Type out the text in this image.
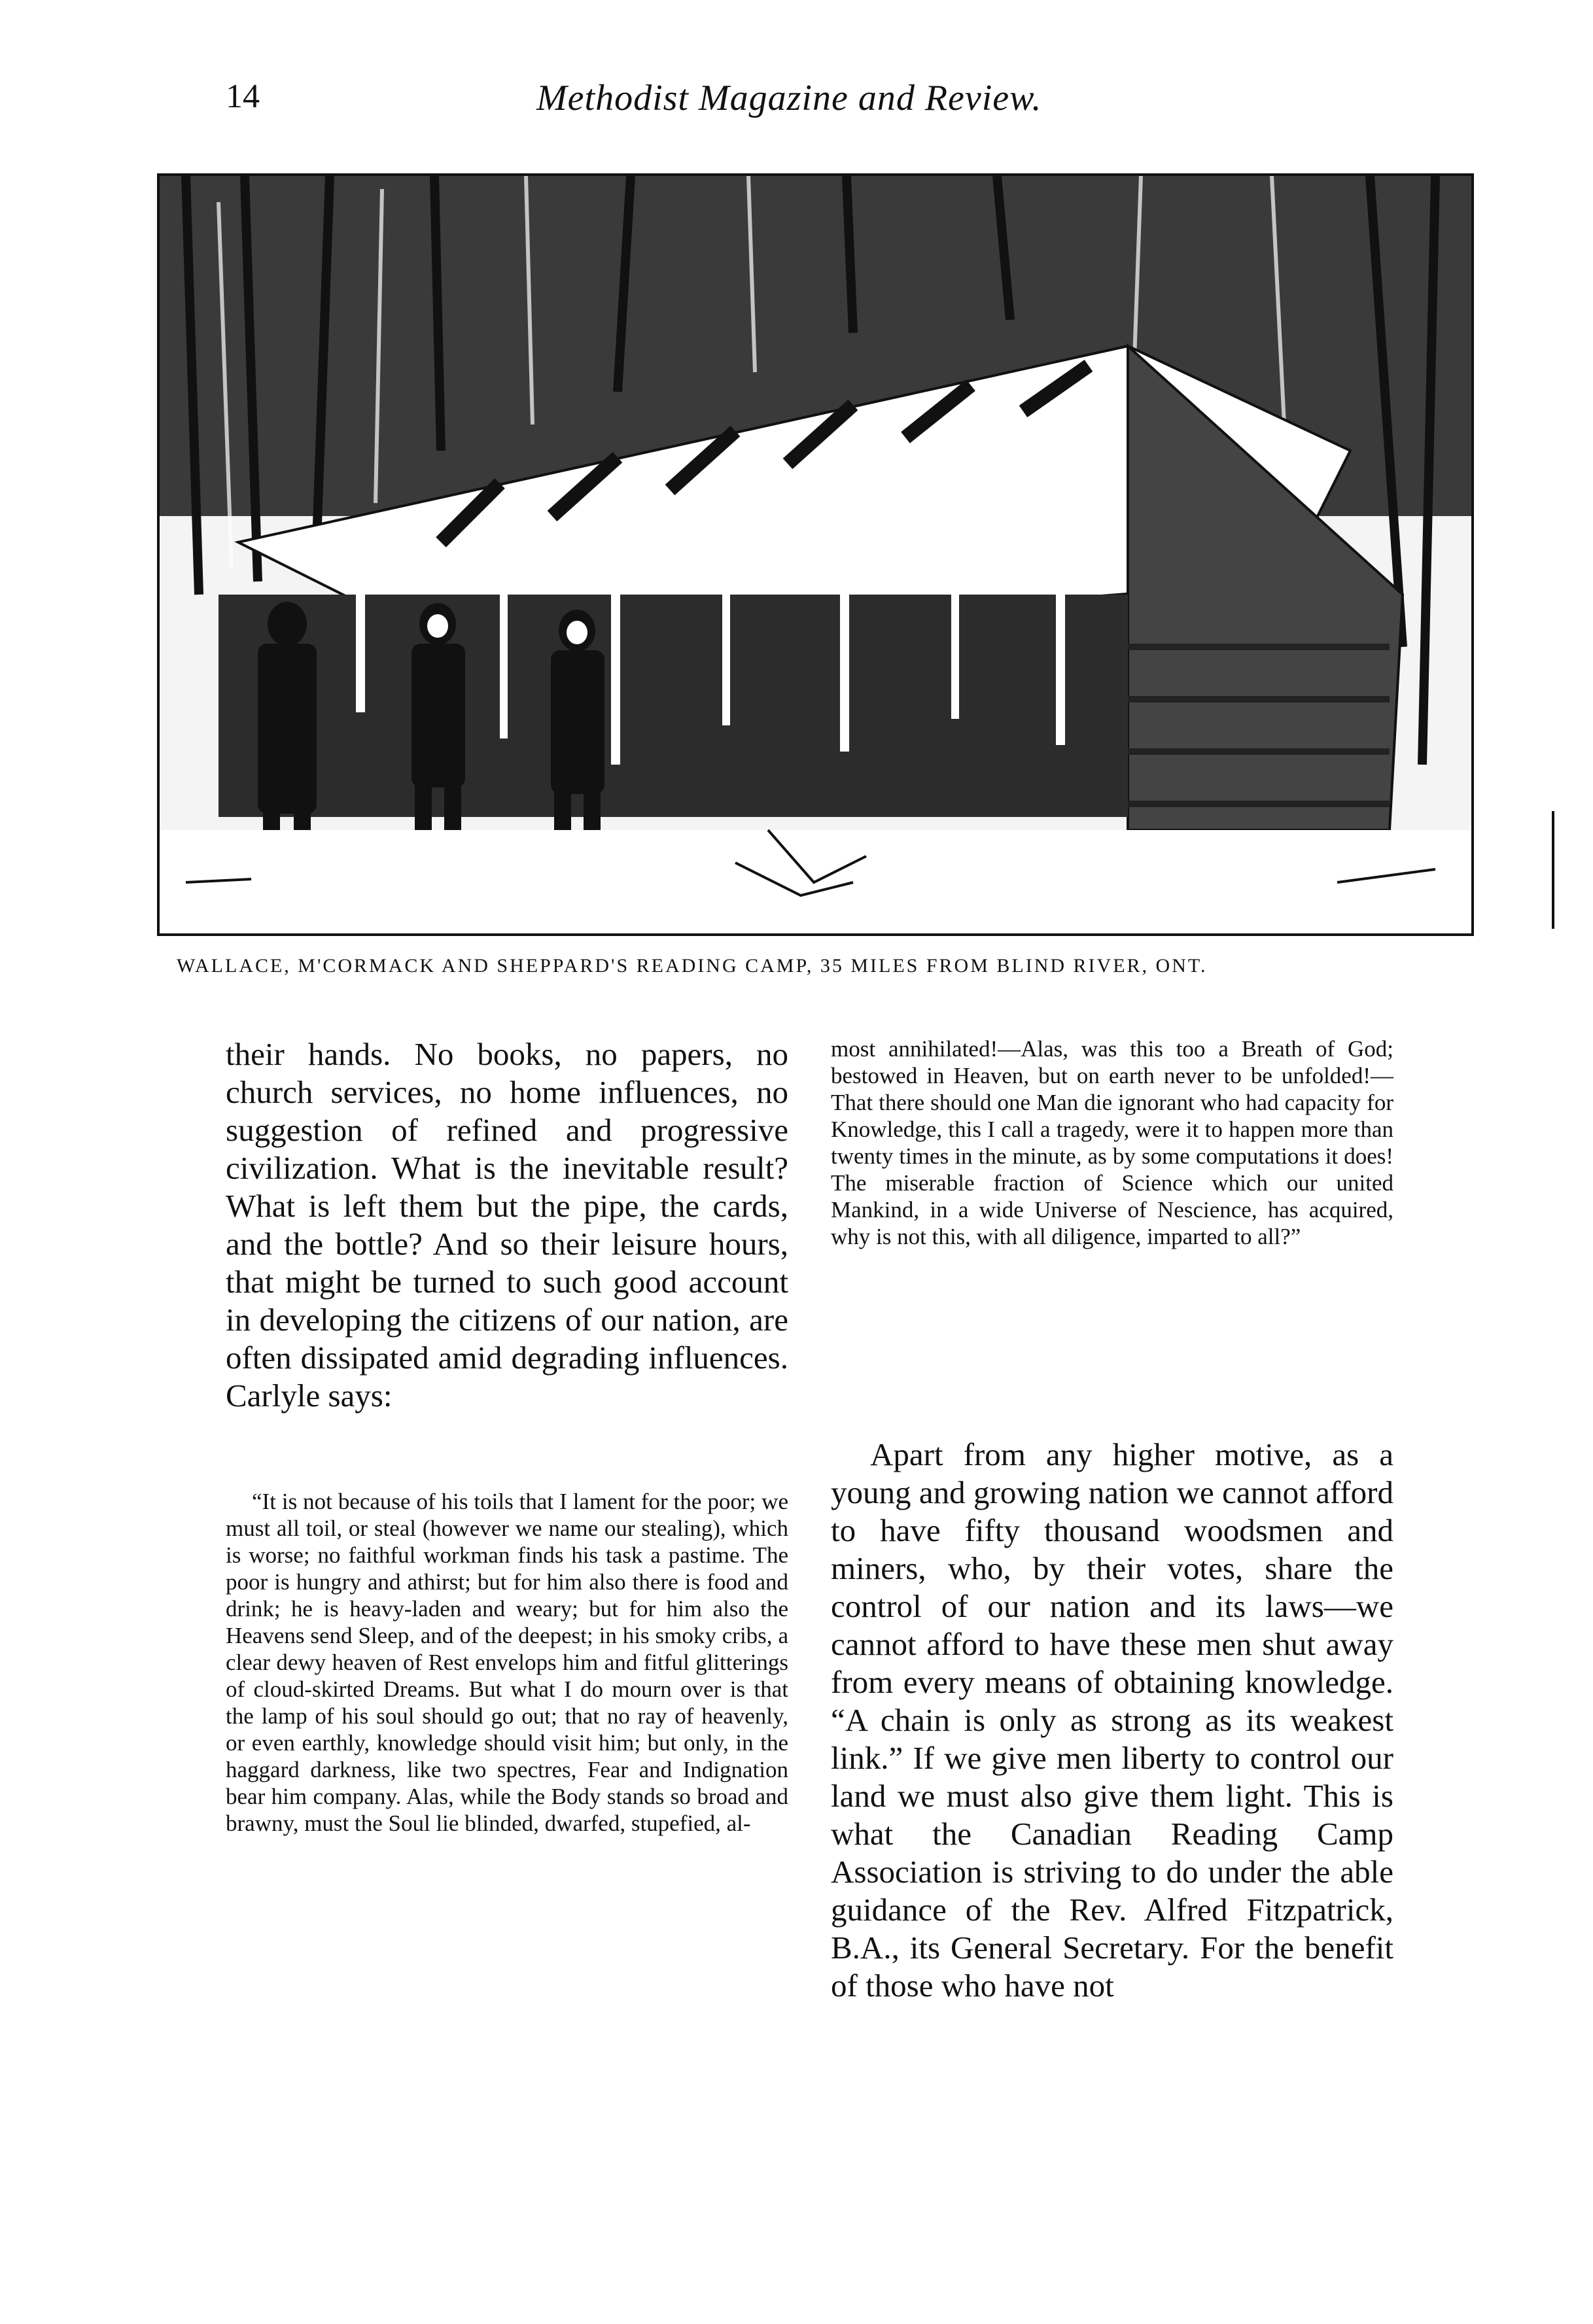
14	Methodist Magazine and Review.
WALLACE, M'CORMACK AND SHEPPARD'S READING CAMP, 35 MILES FROM BLIND RIVER, ONT.

their hands. No books, no papers, no church services, no home influences, no suggestion of refined and progressive civilization. What is the inevitable result? What is left them but the pipe, the cards, and the bottle? And so their leisure hours, that might be turned to such good account in developing the citizens of our nation, are often dissipated amid degrading influences. Carlyle says:

“It is not because of his toils that I lament for the poor; we must all toil, or steal (however we name our stealing), which is worse; no faithful workman finds his task a pastime. The poor is hungry and athirst; but for him also there is food and drink; he is heavy-laden and weary; but for him also the Heavens send Sleep, and of the deepest; in his smoky cribs, a clear dewy heaven of Rest envelops him and fitful glitterings of cloud-skirted Dreams. But what I do mourn over is that the lamp of his soul should go out; that no ray of heavenly, or even earthly, knowledge should visit him; but only, in the haggard darkness, like two spectres, Fear and Indignation bear him company. Alas, while the Body stands so broad and brawny, must the Soul lie blinded, dwarfed, stupefied, al-

most annihilated!—Alas, was this too a Breath of God; bestowed in Heaven, but on earth never to be unfolded!—That there should one Man die ignorant who had capacity for Knowledge, this I call a tragedy, were it to happen more than twenty times in the minute, as by some computations it does! The miserable fraction of Science which our united Mankind, in a wide Universe of Nescience, has acquired, why is not this, with all diligence, imparted to all?”

Apart from any higher motive, as a young and growing nation we cannot afford to have fifty thousand woodsmen and miners, who, by their votes, share the control of our nation and its laws—we cannot afford to have these men shut away from every means of obtaining knowledge. “A chain is only as strong as its weakest link.” If we give men liberty to control our land we must also give them light. This is what the Canadian Reading Camp Association is striving to do under the able guidance of the Rev. Alfred Fitzpatrick, B.A., its General Secretary. For the benefit of those who have not
